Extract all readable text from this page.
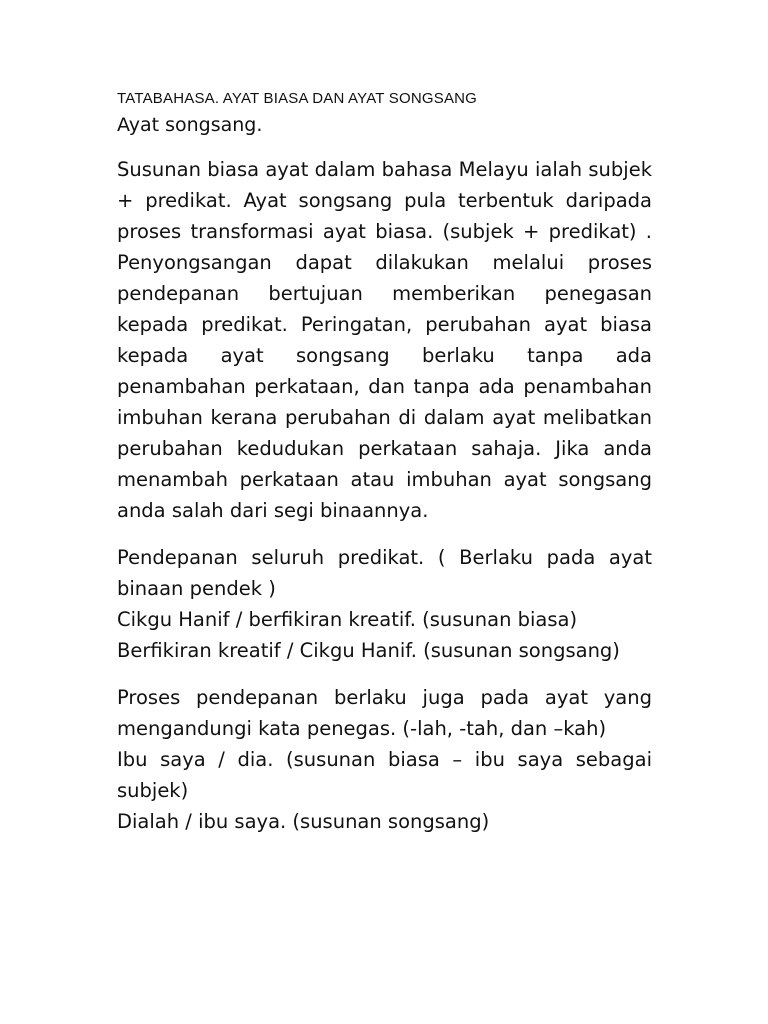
TATABAHASA. AYAT BIASA DAN AYAT SONGSANG

Ayat songsang.

Susunan biasa ayat dalam bahasa Melayu ialah subjek + predikat. Ayat songsang pula terbentuk daripada proses transformasi ayat biasa. (subjek + predikat) . Penyongsangan dapat dilakukan melalui proses pendepanan bertujuan memberikan penegasan kepada predikat. Peringatan, perubahan ayat biasa kepada ayat songsang berlaku tanpa ada penambahan perkataan, dan tanpa ada penambahan imbuhan kerana perubahan di dalam ayat melibatkan perubahan kedudukan perkataan sahaja. Jika anda menambah perkataan atau imbuhan ayat songsang anda salah dari segi binaannya.

Pendepanan seluruh predikat. ( Berlaku pada ayat binaan pendek )

Cikgu Hanif / berfikiran kreatif. (susunan biasa)

Berfikiran kreatif / Cikgu Hanif. (susunan songsang)

Proses pendepanan berlaku juga pada ayat yang mengandungi kata penegas. (-lah, -tah, dan –kah)

Ibu saya / dia. (susunan biasa – ibu saya sebagai subjek)

Dialah / ibu saya. (susunan songsang)
